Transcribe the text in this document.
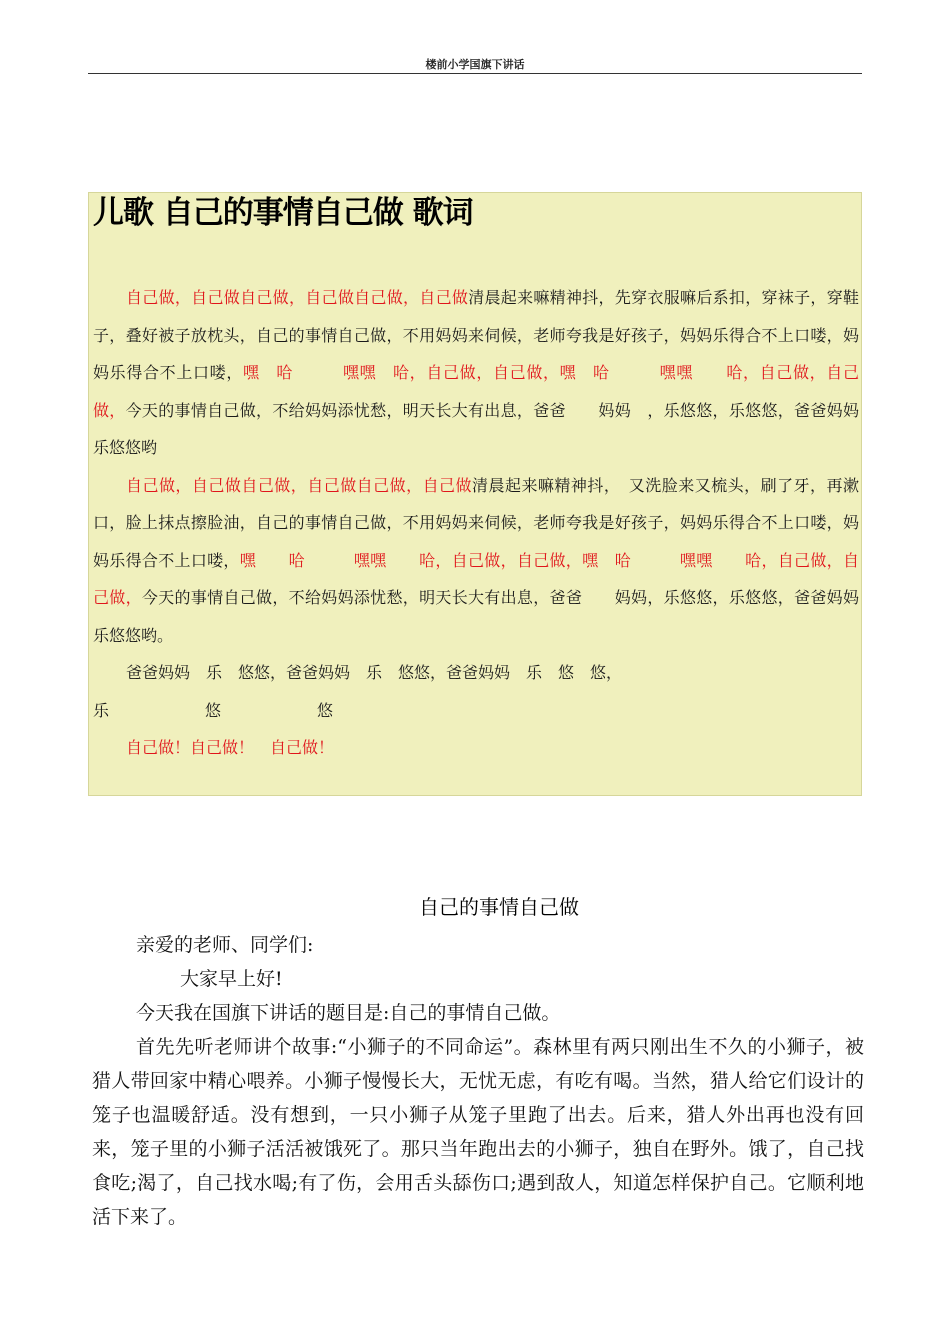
楼前小学国旗下讲话
儿歌 自己的事情自己做 歌词

自己做，自己做自己做，自己做自己做，自己做清晨起来嘛精神抖，先穿衣服嘛后系扣，穿袜子，穿鞋子，叠好被子放枕头，自己的事情自己做，不用妈妈来伺候，老师夸我是好孩子，妈妈乐得合不上口喽，妈妈乐得合不上口喽，嘿　哈　　　嘿嘿　哈，自己做，自己做，嘿　哈　　　嘿嘿　　哈，自己做，自己做，今天的事情自己做，不给妈妈添忧愁，明天长大有出息，爸爸　　妈妈　，乐悠悠，乐悠悠，爸爸妈妈乐悠悠哟

自己做，自己做自己做，自己做自己做，自己做清晨起来嘛精神抖，　又洗脸来又梳头，刷了牙，再漱口，脸上抹点擦脸油，自己的事情自己做，不用妈妈来伺候，老师夸我是好孩子，妈妈乐得合不上口喽，妈妈乐得合不上口喽，嘿　　哈　　　嘿嘿　　哈，自己做，自己做，嘿　哈　　　嘿嘿　　哈，自己做，自己做，今天的事情自己做，不给妈妈添忧愁，明天长大有出息，爸爸　　妈妈，乐悠悠，乐悠悠，爸爸妈妈乐悠悠哟。

爸爸妈妈　乐　悠悠，爸爸妈妈　乐　悠悠，爸爸妈妈　乐　悠　悠，

乐　　　　　　悠　　　　　　悠

自己做！自己做！　自己做！

自己的事情自己做

亲爱的老师、同学们:

大家早上好!

今天我在国旗下讲话的题目是:自己的事情自己做。

首先先听老师讲个故事:“小狮子的不同命运”。森林里有两只刚出生不久的小狮子，被猎人带回家中精心喂养。小狮子慢慢长大，无忧无虑，有吃有喝。当然，猎人给它们设计的笼子也温暖舒适。没有想到，一只小狮子从笼子里跑了出去。后来，猎人外出再也没有回来，笼子里的小狮子活活被饿死了。那只当年跑出去的小狮子，独自在野外。饿了，自己找食吃;渴了，自己找水喝;有了伤，会用舌头舔伤口;遇到敌人，知道怎样保护自己。它顺利地活下来了。
